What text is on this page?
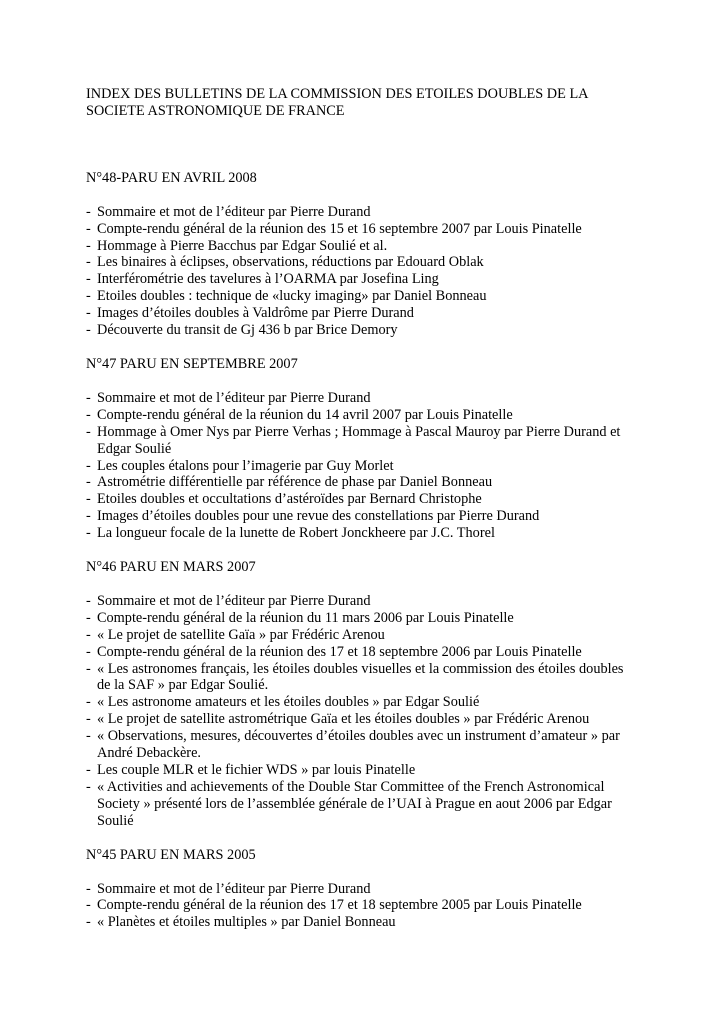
INDEX DES BULLETINS DE LA COMMISSION DES ETOILES DOUBLES DE LA
SOCIETE ASTRONOMIQUE DE FRANCE
N°48-PARU EN AVRIL 2008
- Sommaire et mot de l’éditeur par Pierre Durand
- Compte-rendu général de la réunion des 15 et 16 septembre 2007 par Louis Pinatelle
- Hommage à Pierre Bacchus par Edgar Soulié et al.
- Les binaires à éclipses, observations, réductions par Edouard Oblak
- Interférométrie des tavelures à l’OARMA par Josefina Ling
- Etoiles doubles : technique de «lucky imaging» par Daniel Bonneau
- Images d’étoiles doubles à Valdrôme par Pierre Durand
- Découverte du transit de Gj 436 b par Brice Demory
N°47 PARU EN SEPTEMBRE 2007
- Sommaire et mot de l’éditeur par Pierre Durand
- Compte-rendu général de la réunion du 14 avril 2007 par Louis Pinatelle
- Hommage à Omer Nys par Pierre Verhas ; Hommage à Pascal Mauroy par Pierre Durand et
Edgar Soulié
- Les couples étalons pour l’imagerie par Guy Morlet
- Astrométrie différentielle par référence de phase par Daniel Bonneau
- Etoiles doubles et occultations d’astéroïdes par Bernard Christophe
- Images d’étoiles doubles pour une revue des constellations par Pierre Durand
- La longueur focale de la lunette de Robert Jonckheere par J.C. Thorel
N°46 PARU EN MARS 2007
- Sommaire et mot de l’éditeur par Pierre Durand
- Compte-rendu général de la réunion du 11 mars 2006 par Louis Pinatelle
- « Le projet de satellite Gaïa » par Frédéric Arenou
- Compte-rendu général de la réunion des 17 et 18 septembre 2006 par Louis Pinatelle
- « Les astronomes français, les étoiles doubles visuelles et la commission des étoiles doubles
de la SAF » par Edgar Soulié.
- « Les astronome amateurs et les étoiles doubles » par Edgar Soulié
- « Le projet de satellite astrométrique Gaïa et les étoiles doubles » par Frédéric Arenou
- « Observations, mesures, découvertes d’étoiles doubles avec un instrument d’amateur » par
André Debackère.
- Les couple MLR et le fichier WDS » par louis Pinatelle
- « Activities and achievements of the Double Star Committee of the French Astronomical
Society » présenté lors de l’assemblée générale de l’UAI à Prague en aout 2006 par Edgar
Soulié
N°45 PARU EN MARS 2005
- Sommaire et mot de l’éditeur par Pierre Durand
- Compte-rendu général de la réunion des 17 et 18 septembre 2005 par Louis Pinatelle
- « Planètes et étoiles multiples » par Daniel Bonneau
